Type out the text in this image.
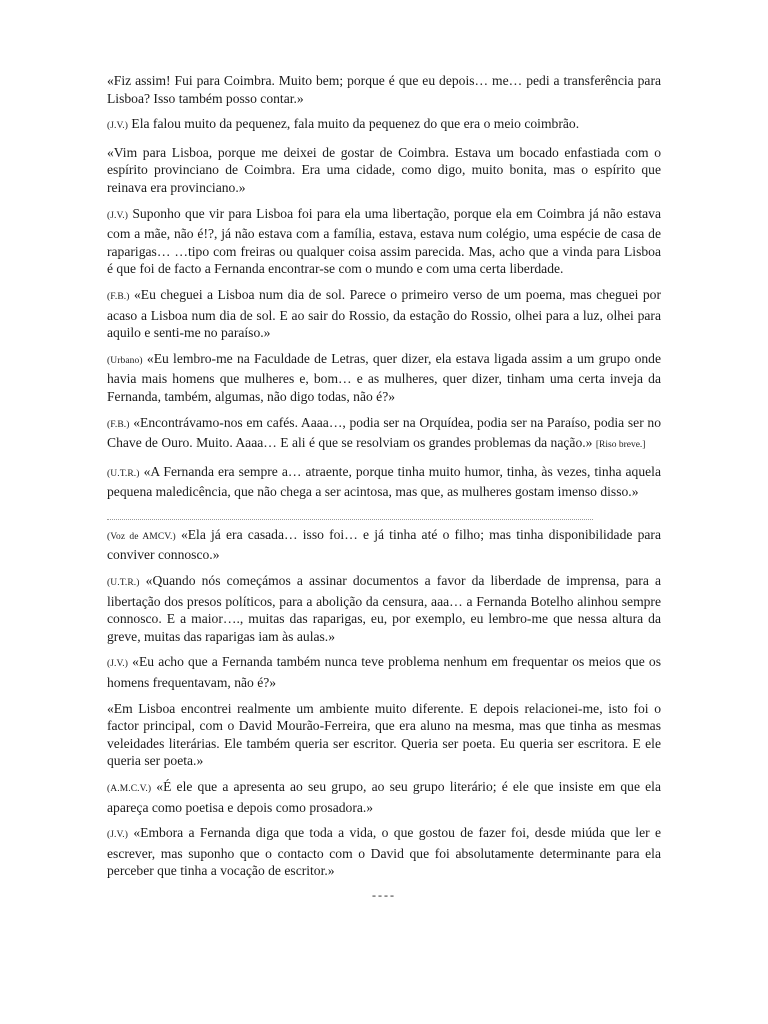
«Fiz assim! Fui para Coimbra. Muito bem; porque é que eu depois… me… pedi a transferência para Lisboa? Isso também posso contar.»

(J.V.) Ela falou muito da pequenez, fala muito da pequenez do que era o meio coimbrão.

«Vim para Lisboa, porque me deixei de gostar de Coimbra. Estava um bocado enfastiada com o espírito provinciano de Coimbra. Era uma cidade, como digo, muito bonita, mas o espírito que reinava era provinciano.»

(J.V.) Suponho que vir para Lisboa foi para ela uma libertação, porque ela em Coimbra já não estava com a mãe, não é!?, já não estava com a família, estava, estava num colégio, uma espécie de casa de raparigas… …tipo com freiras ou qualquer coisa assim parecida. Mas, acho que a vinda para Lisboa é que foi de facto a Fernanda encontrar-se com o mundo e com uma certa liberdade.

(F.B.) «Eu cheguei a Lisboa num dia de sol. Parece o primeiro verso de um poema, mas cheguei por acaso a Lisboa num dia de sol. E ao sair do Rossio, da estação do Rossio, olhei para a luz, olhei para aquilo e senti-me no paraíso.»

(Urbano) «Eu lembro-me na Faculdade de Letras, quer dizer, ela estava ligada assim a um grupo onde havia mais homens que mulheres e, bom… e as mulheres, quer dizer, tinham uma certa inveja da Fernanda, também, algumas, não digo todas, não é?»

(F.B.) «Encontrávamo-nos em cafés. Aaaa…, podia ser na Orquídea, podia ser na Paraíso, podia ser no Chave de Ouro. Muito. Aaaa… E ali é que se resolviam os grandes problemas da nação.» [Riso breve.]

(U.T.R.) «A Fernanda era sempre a… atraente, porque tinha muito humor, tinha, às vezes, tinha aquela pequena maledicência, que não chega a ser acintosa, mas que, as mulheres gostam imenso disso.»

(Voz de AMCV.) «Ela já era casada… isso foi… e já tinha até o filho; mas tinha disponibilidade para conviver connosco.»

(U.T.R.) «Quando nós começámos a assinar documentos a favor da liberdade de imprensa, para a libertação dos presos políticos, para a abolição da censura, aaa… a Fernanda Botelho alinhou sempre connosco. E a maior…., muitas das raparigas, eu, por exemplo, eu lembro-me que nessa altura da greve, muitas das raparigas iam às aulas.»

(J.V.) «Eu acho que a Fernanda também nunca teve problema nenhum em frequentar os meios que os homens frequentavam, não é?»

«Em Lisboa encontrei realmente um ambiente muito diferente. E depois relacionei-me, isto foi o factor principal, com o David Mourão-Ferreira, que era aluno na mesma, mas que tinha as mesmas veleidades literárias. Ele também queria ser escritor. Queria ser poeta. Eu queria ser escritora. E ele queria ser poeta.»

(A.M.C.V.) «É ele que a apresenta ao seu grupo, ao seu grupo literário; é ele que insiste em que ela apareça como poetisa e depois como prosadora.»

(J.V.) «Embora a Fernanda diga que toda a vida, o que gostou de fazer foi, desde miúda que ler e escrever, mas suponho que o contacto com o David que foi absolutamente determinante para ela perceber que tinha a vocação de escritor.»

----
